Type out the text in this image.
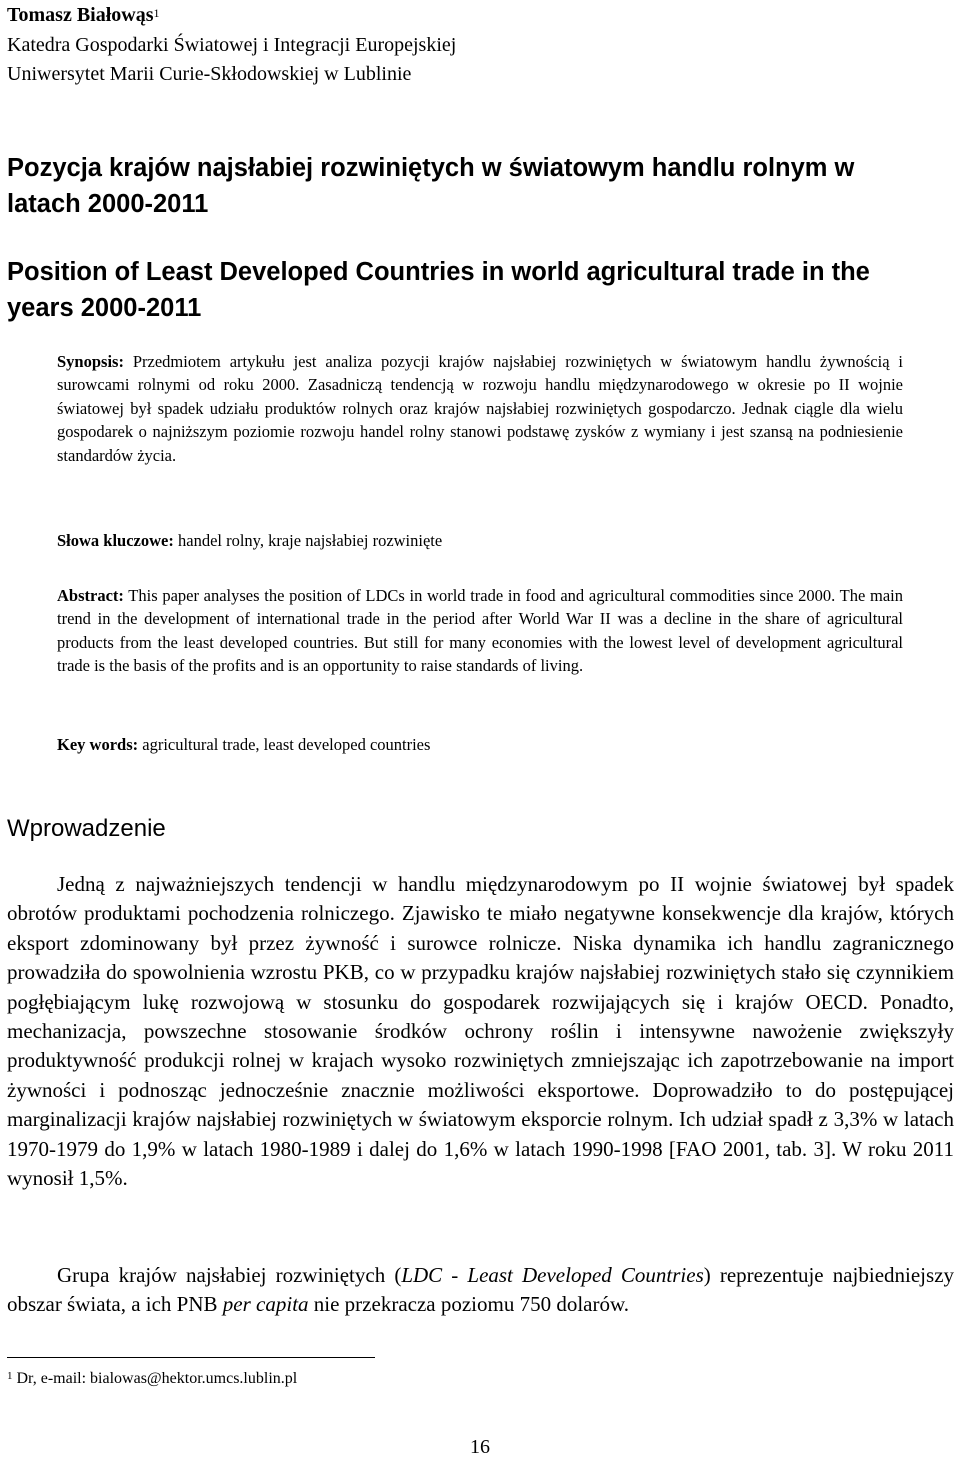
Tomasz Białowąs$^1$
Katedra Gospodarki Światowej i Integracji Europejskiej
Uniwersytet Marii Curie-Skłodowskiej w Lublinie
Pozycja krajów najsłabiej rozwiniętych w światowym handlu rolnym w latach 2000-2011
Position of Least Developed Countries in world agricultural trade in the years 2000-2011
Synopsis: Przedmiotem artykułu jest analiza pozycji krajów najsłabiej rozwiniętych w światowym handlu żywnością i surowcami rolnymi od roku 2000. Zasadniczą tendencją w rozwoju handlu międzynarodowego w okresie po II wojnie światowej był spadek udziału produktów rolnych oraz krajów najsłabiej rozwiniętych gospodarczo. Jednak ciągle dla wielu gospodarek o najniższym poziomie rozwoju handel rolny stanowi podstawę zysków z wymiany i jest szansą na podniesienie standardów życia.
Słowa kluczowe: handel rolny, kraje najsłabiej rozwinięte
Abstract: This paper analyses the position of LDCs in world trade in food and agricultural commodities since 2000. The main trend in the development of international trade in the period after World War II was a decline in the share of agricultural products from the least developed countries. But still for many economies with the lowest level of development agricultural trade is the basis of the profits and is an opportunity to raise standards of living.
Key words: agricultural trade, least developed countries
Wprowadzenie
Jedną z najważniejszych tendencji w handlu międzynarodowym po II wojnie światowej był spadek obrotów produktami pochodzenia rolniczego. Zjawisko te miało negatywne konsekwencje dla krajów, których eksport zdominowany był przez żywność i surowce rolnicze. Niska dynamika ich handlu zagranicznego prowadziła do spowolnienia wzrostu PKB, co w przypadku krajów najsłabiej rozwiniętych stało się czynnikiem pogłębiającym lukę rozwojową w stosunku do gospodarek rozwijających się i krajów OECD. Ponadto, mechanizacja, powszechne stosowanie środków ochrony roślin i intensywne nawożenie zwiększyły produktywność produkcji rolnej w krajach wysoko rozwiniętych zmniejszając ich zapotrzebowanie na import żywności i podnosząc jednocześnie znacznie możliwości eksportowe. Doprowadziło to do postępującej marginalizacji krajów najsłabiej rozwiniętych w światowym eksporcie rolnym. Ich udział spadł z 3,3% w latach 1970-1979 do 1,9% w latach 1980-1989 i dalej do 1,6% w latach 1990-1998 [FAO 2001, tab. 3]. W roku 2011 wynosił 1,5%.
Grupa krajów najsłabiej rozwiniętych (LDC - Least Developed Countries) reprezentuje najbiedniejszy obszar świata, a ich PNB per capita nie przekracza poziomu 750 dolarów.
$^1$ Dr, e-mail: bialowas@hektor.umcs.lublin.pl
16
